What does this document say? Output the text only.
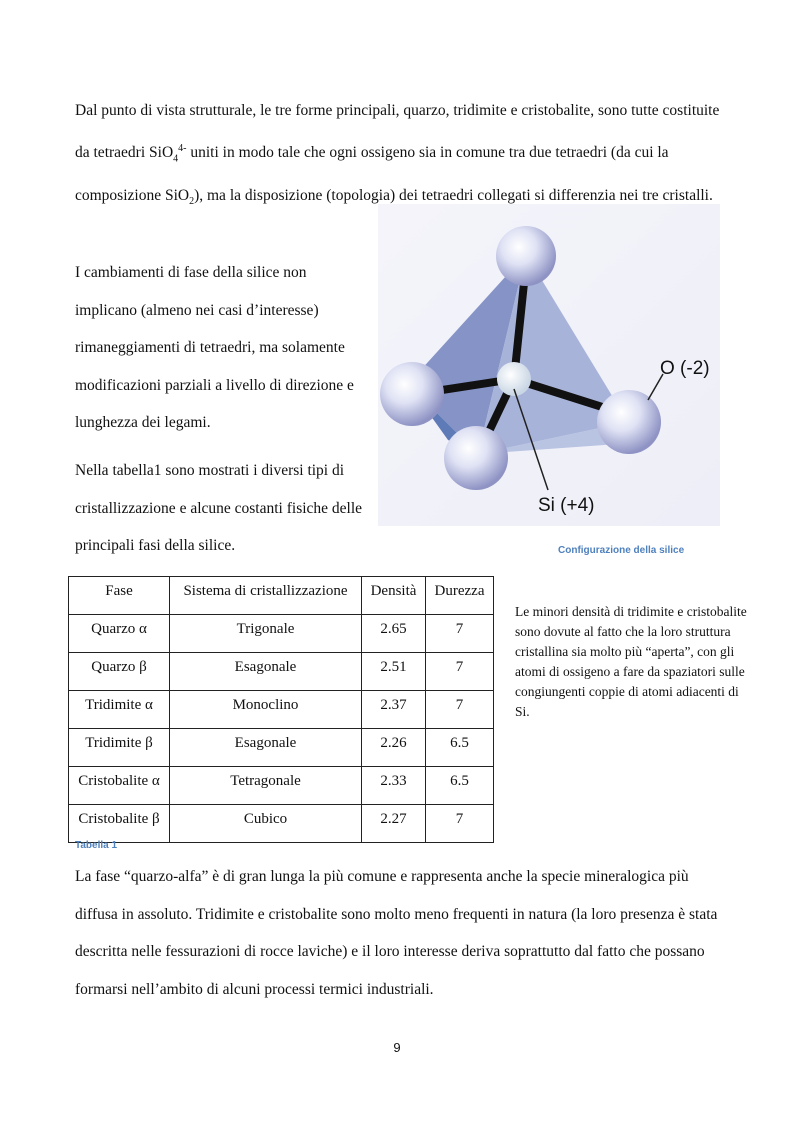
Dal punto di vista strutturale, le tre forme principali, quarzo, tridimite e cristobalite, sono tutte costituite da tetraedri SiO$_4^{4-}$ uniti in modo tale che ogni ossigeno sia in comune tra due tetraedri (da cui la composizione SiO$_2$), ma la disposizione (topologia) dei tetraedri collegati si differenzia nei tre cristalli.

I cambiamenti di fase della silice non implicano (almeno nei casi d’interesse) rimaneggiamenti di tetraedri, ma solamente modificazioni parziali a livello di direzione e lunghezza dei legami.

Nella tabella1 sono mostrati i diversi tipi di cristallizzazione e alcune costanti fisiche delle principali fasi della silice.

O (-2)
Si (+4)
Configurazione della silice
Fase	Sistema di cristallizzazione	Densità	Durezza
Quarzo α	Trigonale	2.65	7
Quarzo β	Esagonale	2.51	7
Tridimite α	Monoclino	2.37	7
Tridimite β	Esagonale	2.26	6.5
Cristobalite α	Tetragonale	2.33	6.5
Cristobalite β	Cubico	2.27	7
Tabella 1

Le minori densità di tridimite e cristobalite sono dovute al fatto che la loro struttura cristallina sia molto più “aperta”, con gli atomi di ossigeno a fare da spaziatori sulle congiungenti coppie di atomi adiacenti di Si.

La fase “quarzo-alfa” è di gran lunga la più comune e rappresenta anche la specie mineralogica più diffusa in assoluto. Tridimite e cristobalite sono molto meno frequenti in natura (la loro presenza è stata descritta nelle fessurazioni di rocce laviche) e il loro interesse deriva soprattutto dal fatto che possano formarsi nell’ambito di alcuni processi termici industriali.

9
